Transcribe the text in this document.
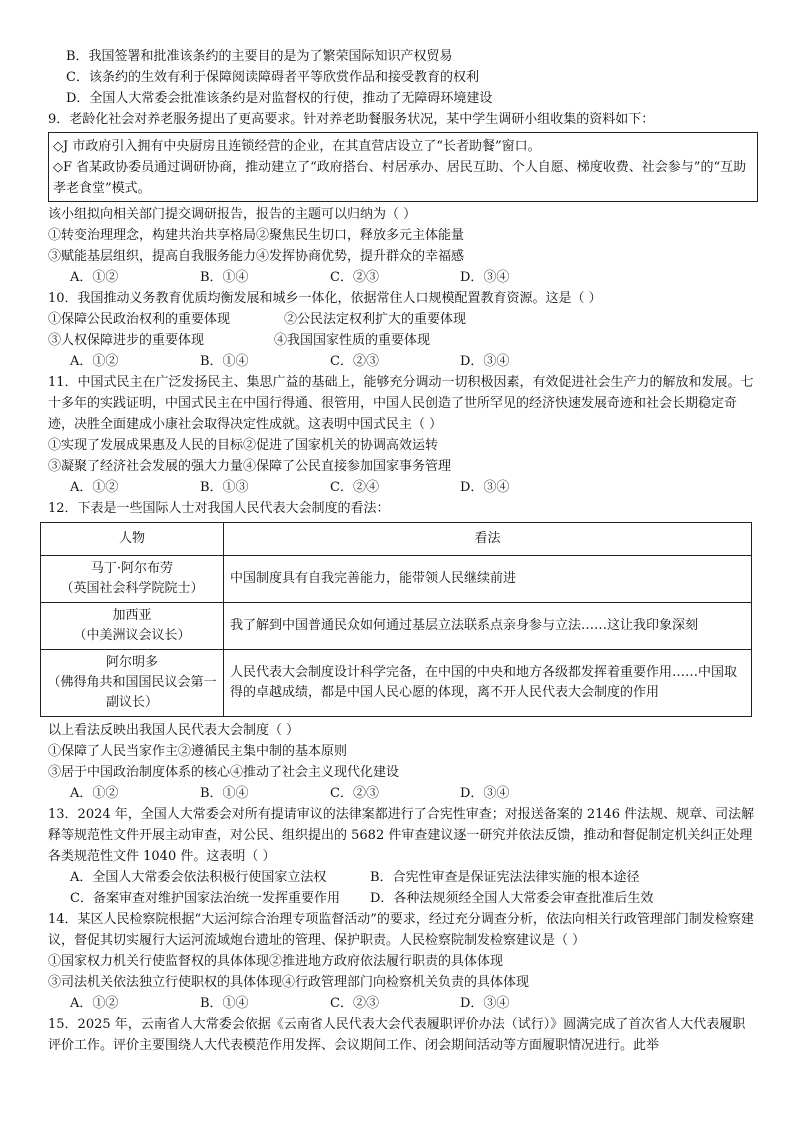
B．我国签署和批准该条约的主要目的是为了繁荣国际知识产权贸易
C．该条约的生效有利于保障阅读障碍者平等欣赏作品和接受教育的权利
D．全国人大常委会批准该条约是对监督权的行使，推动了无障碍环境建设
9．老龄化社会对养老服务提出了更高要求。针对养老助餐服务状况，某中学生调研小组收集的资料如下：
◇J 市政府引入拥有中央厨房且连锁经营的企业，在其直营店设立了“长者助餐”窗口。
◇F 省某政协委员通过调研协商，推动建立了“政府搭台、村居承办、居民互助、个人自愿、梯度收费、社会参与”的“互助孝老食堂”模式。
该小组拟向相关部门提交调研报告，报告的主题可以归纳为（ ）
①转变治理理念，构建共治共享格局②聚焦民生切口，释放多元主体能量
③赋能基层组织，提高自我服务能力④发挥协商优势，提升群众的幸福感
A．①②	B．①④	C．②③	D．③④
10．我国推动义务教育优质均衡发展和城乡一体化，依据常住人口规模配置教育资源。这是（ ）
①保障公民政治权利的重要体现	②公民法定权利扩大的重要体现
③人权保障进步的重要体现	④我国国家性质的重要体现
A．①②	B．①④	C．②③	D．③④
11．中国式民主在广泛发扬民主、集思广益的基础上，能够充分调动一切积极因素，有效促进社会生产力的解放和发展。七十多年的实践证明，中国式民主在中国行得通、很管用，中国人民创造了世所罕见的经济快速发展奇迹和社会长期稳定奇迹，决胜全面建成小康社会取得决定性成就。这表明中国式民主（ ）
①实现了发展成果惠及人民的目标②促进了国家机关的协调高效运转
③凝聚了经济社会发展的强大力量④保障了公民直接参加国家事务管理
A．①②	B．①③	C．②④	D．③④
12．下表是一些国际人士对我国人民代表大会制度的看法：
人物	看法

马丁·阿尔布劳
（英国社会科学院院士）	中国制度具有自我完善能力，能带领人民继续前进

加西亚
（中美洲议会议长）	我了解到中国普通民众如何通过基层立法联系点亲身参与立法……这让我印象深刻

阿尔明多
（佛得角共和国国民议会第一副议长）	人民代表大会制度设计科学完备，在中国的中央和地方各级都发挥着重要作用……中国取得的卓越成绩，都是中国人民心愿的体现，离不开人民代表大会制度的作用
以上看法反映出我国人民代表大会制度（ ）
①保障了人民当家作主②遵循民主集中制的基本原则
③居于中国政治制度体系的核心④推动了社会主义现代化建设
A．①②	B．①④	C．②③	D．③④
13．2024 年，全国人大常委会对所有提请审议的法律案都进行了合宪性审查；对报送备案的 2146 件法规、规章、司法解释等规范性文件开展主动审查，对公民、组织提出的 5682 件审查建议逐一研究并依法反馈，推动和督促制定机关纠正处理各类规范性文件 1040 件。这表明（ ）
A．全国人大常委会依法积极行使国家立法权	B．合宪性审查是保证宪法法律实施的根本途径
C．备案审查对维护国家法治统一发挥重要作用	D．各种法规须经全国人大常委会审查批准后生效
14．某区人民检察院根据“大运河综合治理专项监督活动”的要求，经过充分调查分析，依法向相关行政管理部门制发检察建议，督促其切实履行大运河流域炮台遗址的管理、保护职责。人民检察院制发检察建议是（ ）
①国家权力机关行使监督权的具体体现②推进地方政府依法履行职责的具体体现
③司法机关依法独立行使职权的具体体现④行政管理部门向检察机关负责的具体体现
A．①②	B．①④	C．②③	D．③④
15．2025 年，云南省人大常委会依据《云南省人民代表大会代表履职评价办法（试行）》圆满完成了首次省人大代表履职评价工作。评价主要围绕人大代表模范作用发挥、会议期间工作、闭会期间活动等方面履职情况进行。此举
